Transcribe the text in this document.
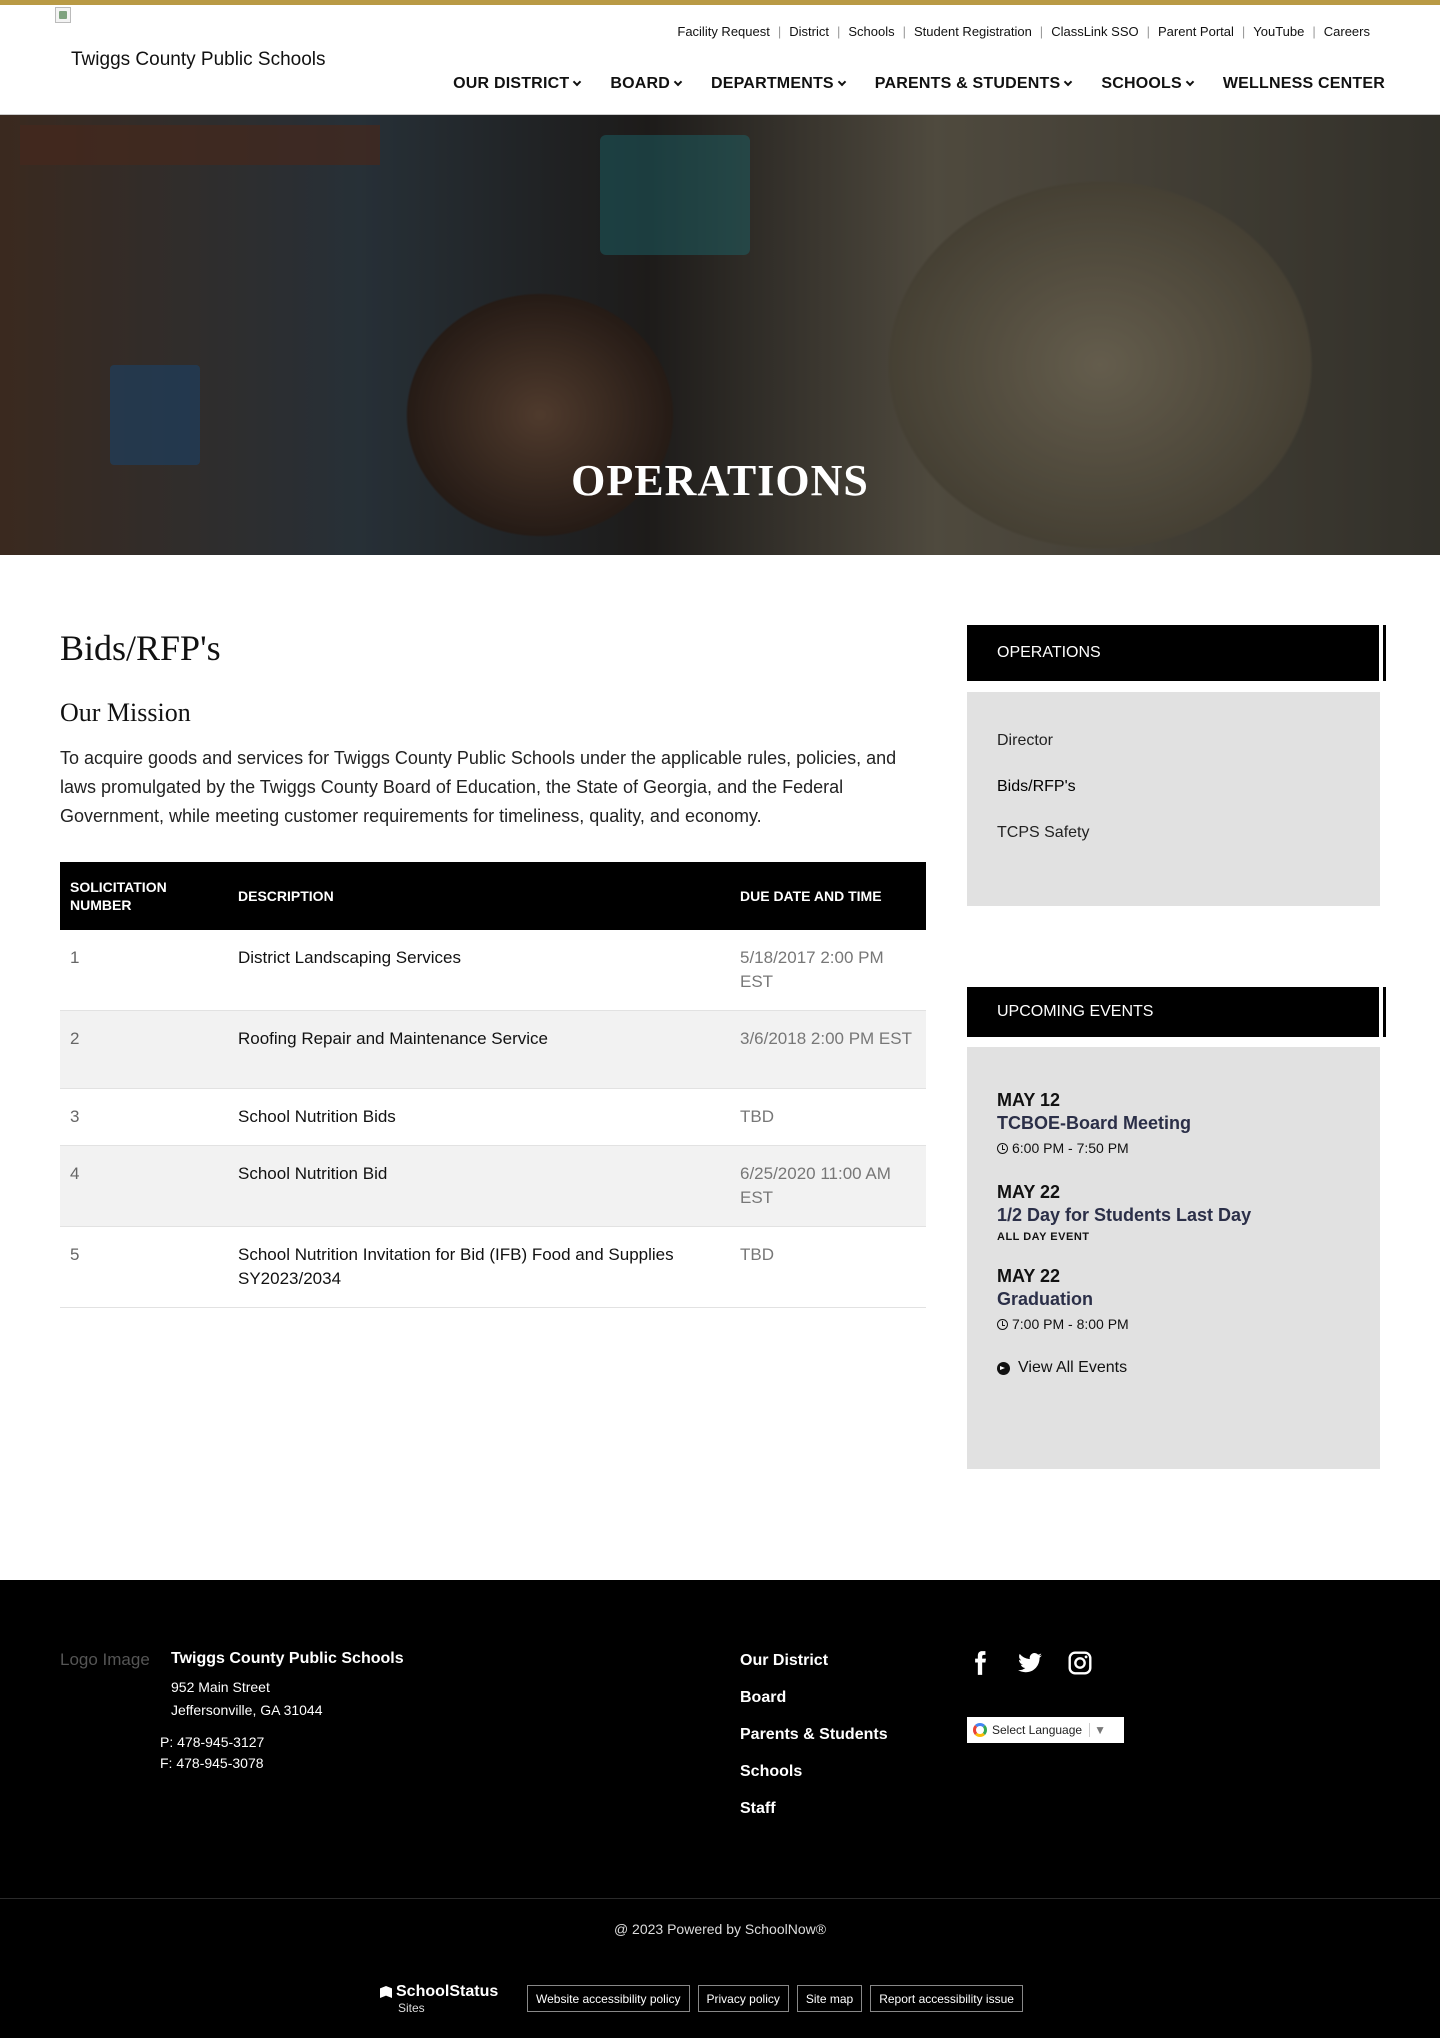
Twiggs County Public Schools
Facility Request | District | Schools | Student Registration | ClassLink SSO | Parent Portal | YouTube | Careers
OUR DISTRICT	BOARD	DEPARTMENTS	PARENTS & STUDENTS	SCHOOLS	WELLNESS CENTER
OPERATIONS
Bids/RFP's
Our Mission

To acquire goods and services for Twiggs County Public Schools under the applicable rules, policies, and laws promulgated by the Twiggs County Board of Education, the State of Georgia, and the Federal Government, while meeting customer requirements for timeliness, quality, and economy.

SOLICITATION NUMBER	DESCRIPTION	DUE DATE AND TIME
1	District Landscaping Services	5/18/2017 2:00 PM EST
2	Roofing Repair and Maintenance Service	3/6/2018 2:00 PM EST
3	School Nutrition Bids	TBD
4	School Nutrition Bid	6/25/2020 11:00 AM EST
5	School Nutrition Invitation for Bid (IFB) Food and Supplies SY2023/2034	TBD
OPERATIONS
Director
Bids/RFP's
TCPS Safety
UPCOMING EVENTS
MAY 12
TCBOE-Board Meeting
6:00 PM - 7:50 PM
MAY 22
1/2 Day for Students Last Day
ALL DAY EVENT
MAY 22
Graduation
7:00 PM - 8:00 PM
View All Events
Logo Image Twiggs County Public Schools
952 Main Street
Jeffersonville, GA 31044
P: 478-945-3127
F: 478-945-3078
Our District
Board
Parents & Students
Schools
Staff
Select Language	▼
@ 2023 Powered by SchoolNow®
SchoolStatus
Sites
Website accessibility policy	Privacy policy	Site map	Report accessibility issue
